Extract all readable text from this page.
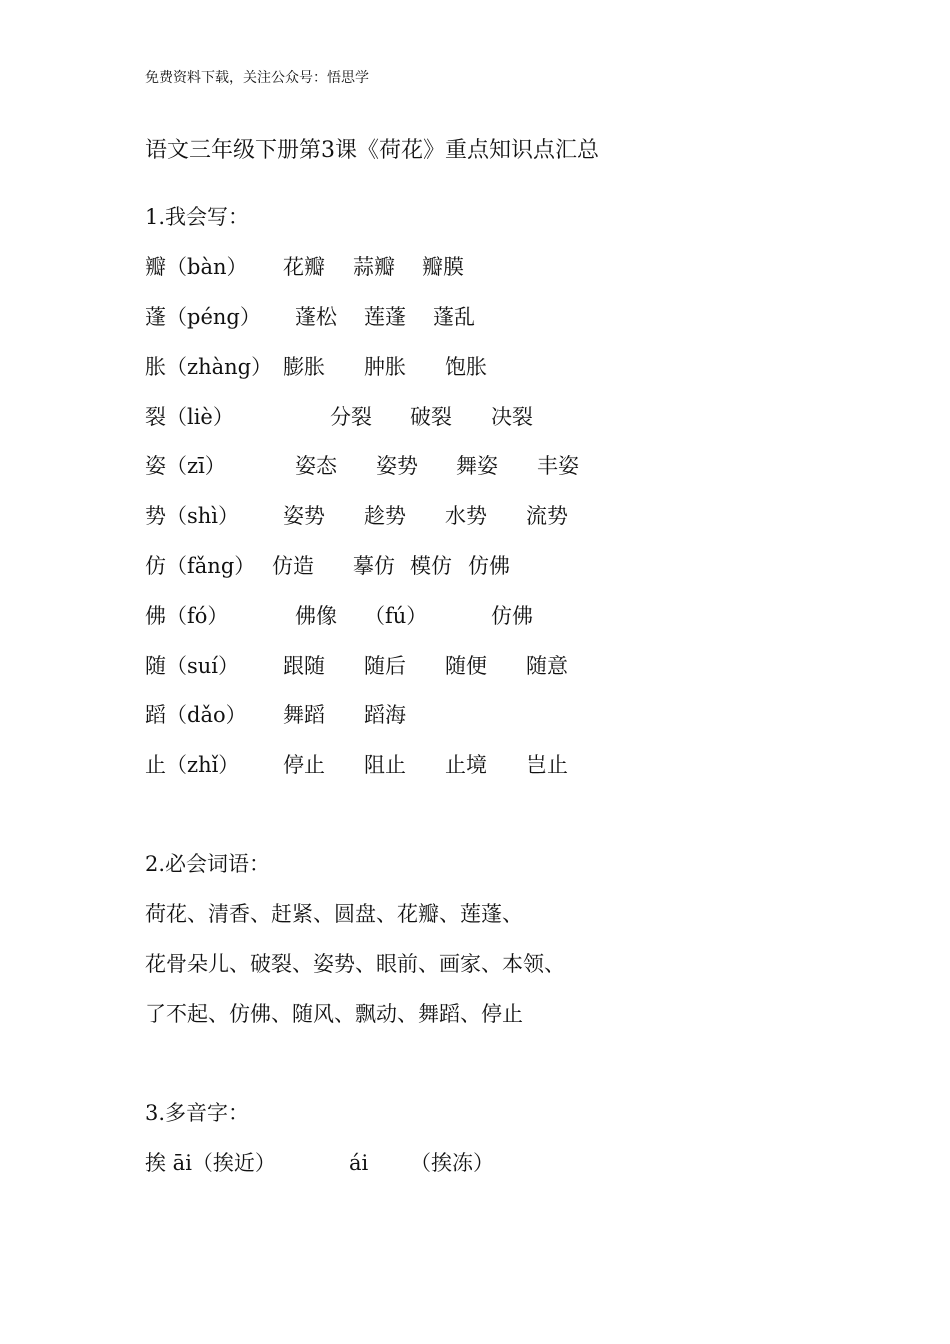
免费资料下载，关注公众号：悟思学
语文三年级下册第3课《荷花》重点知识点汇总
1.我会写：
瓣（bàn） 花瓣 蒜瓣 瓣膜
蓬（péng） 蓬松 莲蓬 蓬乱
胀（zhàng） 膨胀 肿胀 饱胀
裂（liè）	分裂 破裂 决裂
姿（zī）	姿态 姿势 舞姿 丰姿
势（shì） 姿势 趁势 水势 流势
仿（fǎng） 仿造 摹仿 模仿 仿佛
佛（fó）	佛像 （fú）	仿佛
随（suí） 跟随 随后 随便 随意
蹈（dǎo） 舞蹈 蹈海
止（zhǐ） 停止 阻止 止境 岂止
2.必会词语：
荷花、清香、赶紧、圆盘、花瓣、莲蓬、
花骨朵儿、破裂、姿势、眼前、画家、本领、
了不起、仿佛、随风、飘动、舞蹈、停止
3.多音字：
挨 āi（挨近）	ái （挨冻）
